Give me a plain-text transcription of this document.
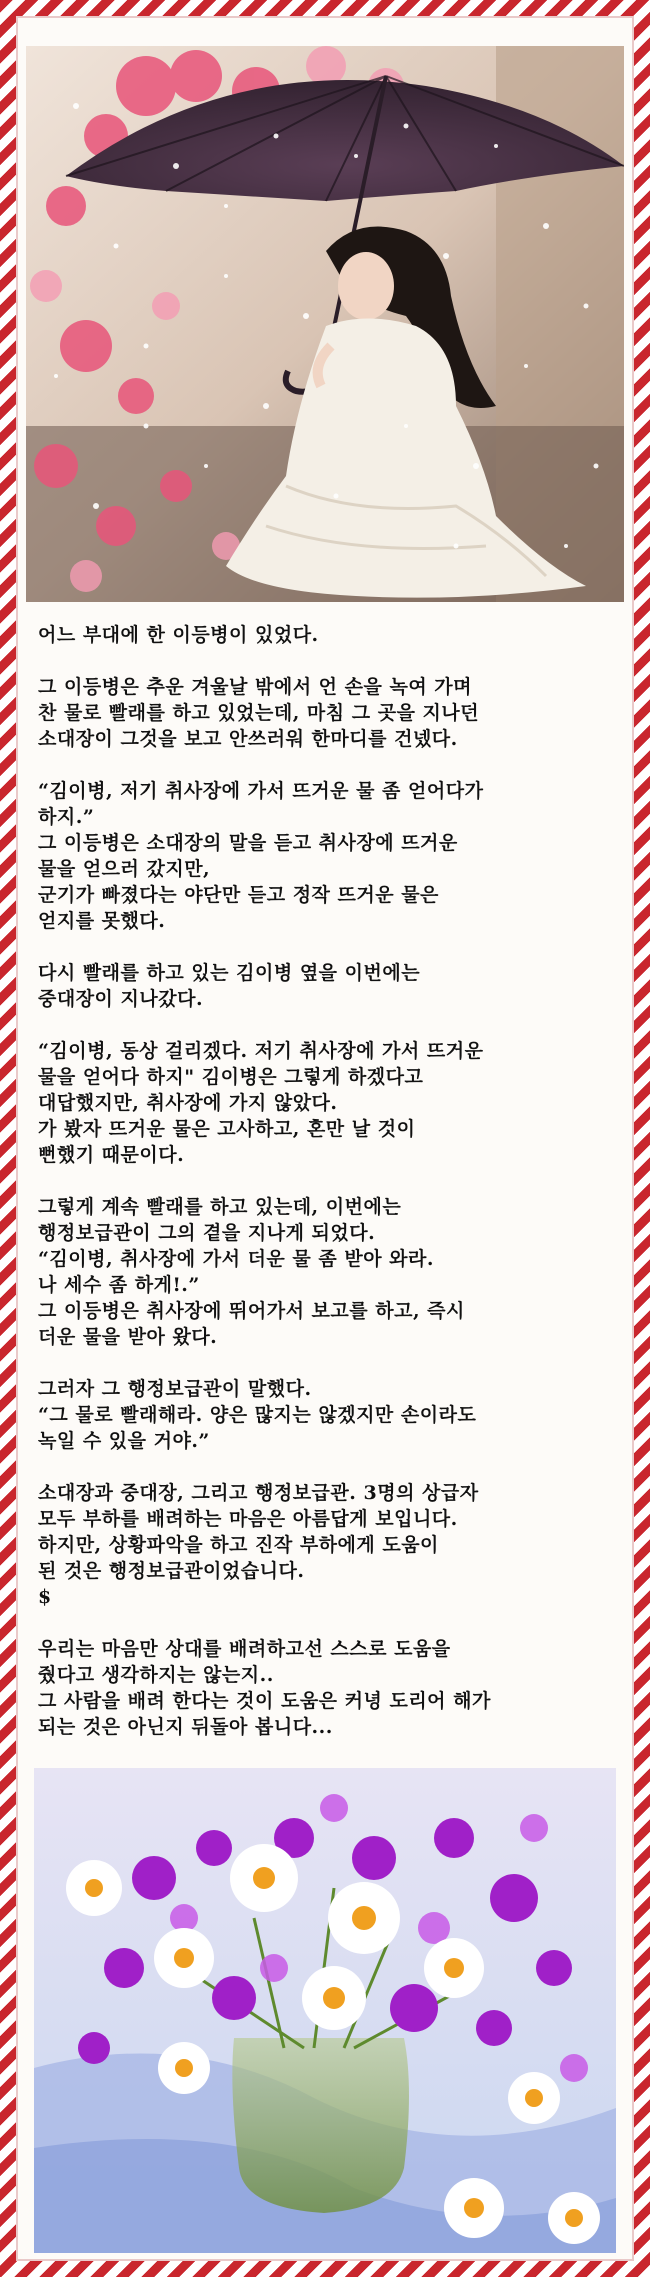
어느 부대에 한 이등병이 있었다.

그 이등병은 추운 겨울날 밖에서 언 손을 녹여 가며
찬 물로 빨래를 하고 있었는데, 마침 그 곳을 지나던
소대장이 그것을 보고 안쓰러워 한마디를 건넸다.

“김이병, 저기 취사장에 가서 뜨거운 물 좀 얻어다가
하지.”
그 이등병은 소대장의 말을 듣고 취사장에 뜨거운
물을 얻으러 갔지만,
군기가 빠졌다는 야단만 듣고 정작 뜨거운 물은
얻지를 못했다.

다시 빨래를 하고 있는 김이병 옆을 이번에는
중대장이 지나갔다.

“김이병, 동상 걸리겠다. 저기 취사장에 가서 뜨거운
물을 얻어다 하지" 김이병은 그렇게 하겠다고
대답했지만, 취사장에 가지 않았다.
가 봤자 뜨거운 물은 고사하고, 혼만 날 것이
뻔했기 때문이다.

그렇게 계속 빨래를 하고 있는데, 이번에는
행정보급관이 그의 곁을 지나게 되었다.
“김이병, 취사장에 가서 더운 물 좀 받아 와라.
나 세수 좀 하게!.”
그 이등병은 취사장에 뛰어가서 보고를 하고, 즉시
더운 물을 받아 왔다.

그러자 그 행정보급관이 말했다.
“그 물로 빨래해라. 양은 많지는 않겠지만 손이라도
녹일 수 있을 거야.”

소대장과 중대장, 그리고 행정보급관. 3명의 상급자
모두 부하를 배려하는 마음은 아름답게 보입니다.
하지만, 상황파악을 하고 진작 부하에게 도움이
된 것은 행정보급관이었습니다.
$

우리는 마음만 상대를 배려하고선 스스로 도움을
줬다고 생각하지는 않는지..
그 사람을 배려 한다는 것이 도움은 커녕 도리어 해가
되는 것은 아닌지 뒤돌아 봅니다...
